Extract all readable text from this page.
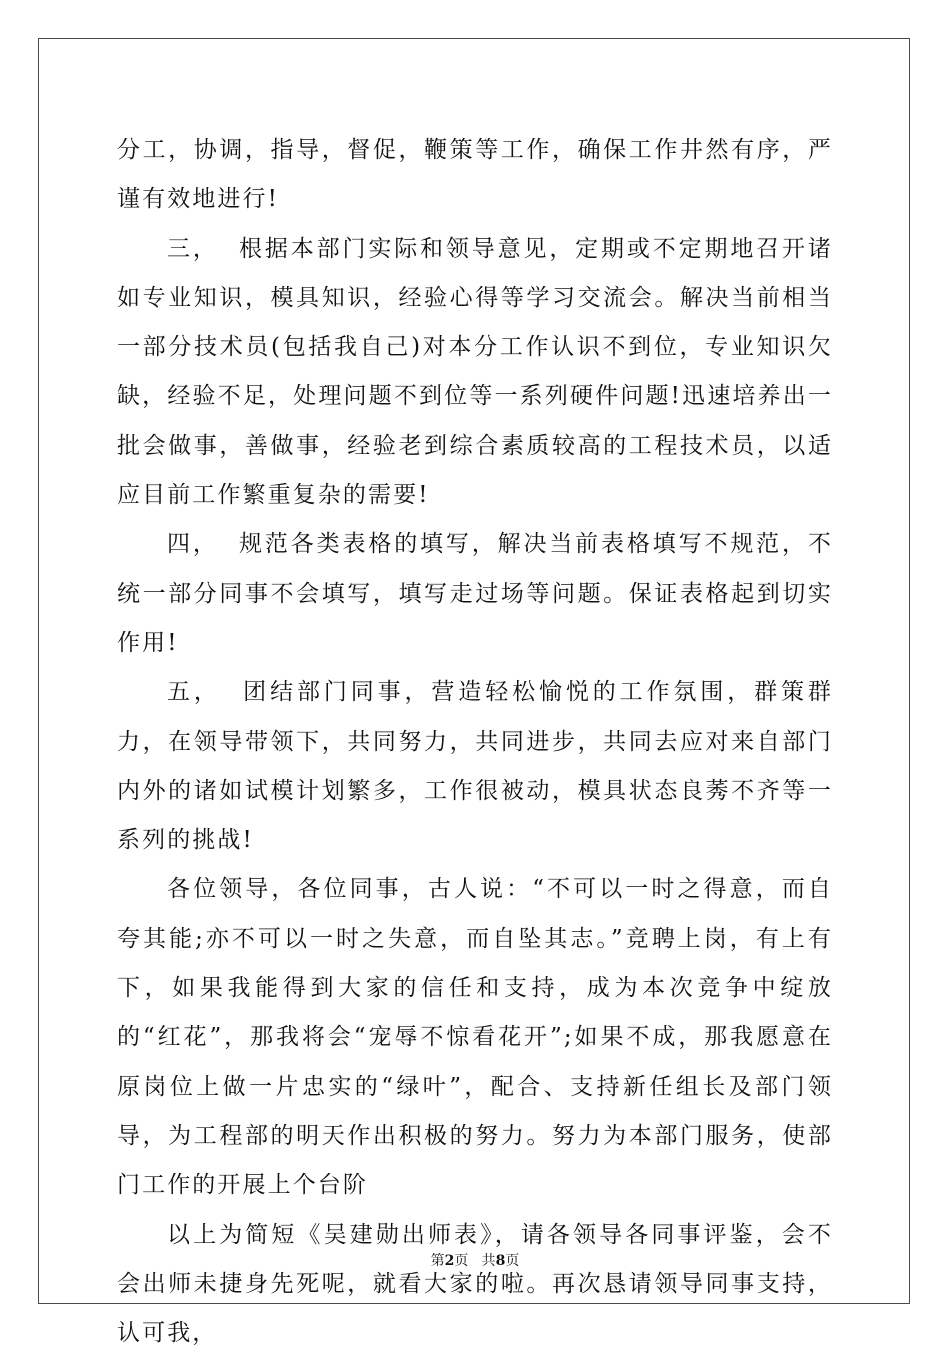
分工，协调，指导，督促，鞭策等工作，确保工作井然有序，严谨有效地进行!

三，  根据本部门实际和领导意见，定期或不定期地召开诸如专业知识，模具知识，经验心得等学习交流会。解决当前相当一部分技术员(包括我自己)对本分工作认识不到位，专业知识欠缺，经验不足，处理问题不到位等一系列硬件问题!迅速培养出一批会做事，善做事，经验老到综合素质较高的工程技术员，以适应目前工作繁重复杂的需要!

四，  规范各类表格的填写，解决当前表格填写不规范，不统一部分同事不会填写，填写走过场等问题。保证表格起到切实作用!

五，  团结部门同事，营造轻松愉悦的工作氛围，群策群力，在领导带领下，共同努力，共同进步，共同去应对来自部门内外的诸如试模计划繁多，工作很被动，模具状态良莠不齐等一系列的挑战!

各位领导，各位同事，古人说：“不可以一时之得意，而自夸其能;亦不可以一时之失意，而自坠其志。”竞聘上岗，有上有下，如果我能得到大家的信任和支持，成为本次竞争中绽放的“红花”，那我将会“宠辱不惊看花开”;如果不成，那我愿意在原岗位上做一片忠实的“绿叶”，配合、支持新任组长及部门领导，为工程部的明天作出积极的努力。努力为本部门服务，使部门工作的开展上个台阶

以上为简短《吴建勋出师表》，请各领导各同事评鉴，会不会出师未捷身先死呢，就看大家的啦。再次恳请领导同事支持，认可我，

第2页 共8页
